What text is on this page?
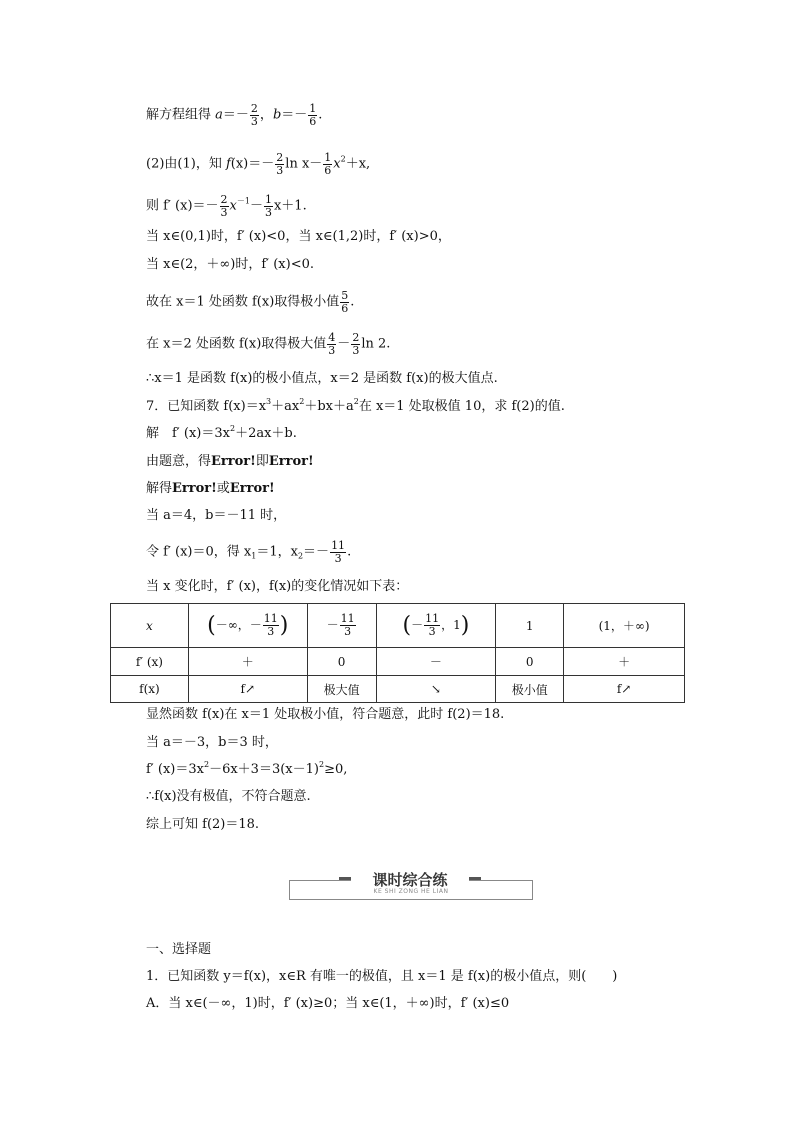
解方程组得 $a=- \frac{2}{3}$ ，$b=- \frac{1}{6}$ .
(2)由(1)，知 $f(x)=- \frac{2}{3}$ $\ln x- \frac{1}{6} x^2+x$,
则 f′ $(x)=- \frac{2}{3} x^{-1}- \frac{1}{3} x+1$.
当 x∈(0,1)时，f′ (x)<0，当 x∈(1,2)时，f′ (x)>0，
当 x∈(2，＋∞)时，f′ (x)<0.
故在 x＝1 处函数 f(x)取得极小值 $\frac{5}{6}$ .
在 x＝2 处函数 f(x)取得极大值 $\frac{4}{3} - \frac{2}{3}$ ln 2.
∴x＝1 是函数 f(x)的极小值点，x＝2 是函数 f(x)的极大值点.
7．已知函数 $f(x)=x^3+ax^2+bx+a^2$在 x＝1 处取极值 10，求 f(2)的值.
解　f′ $(x)=3x^2+2ax+b$.
由题意，得Error!即Error!
解得Error!或Error!
当 a＝4，b＝－11 时，
令 f′ (x)＝0，得 $x_1=1$，$x_2=- \frac{11}{3}$ .
当 x 变化时，f′ (x)，f(x)的变化情况如下表：
x	(－∞，－ $\frac{11}{3}$ )	－ $\frac{11}{3}$	(－ $\frac{11}{3}$ ，1)	1	(1，＋∞)
f′ (x)	＋	0	－	0	＋
f(x)	f↗	极大值	↘	极小值	f↗
显然函数 f(x)在 x＝1 处取极小值，符合题意，此时 f(2)＝18.
当 a＝－3，b＝3 时，
f′ $(x)=3x^2-6x+3=3(x-1)^2\ge 0$,
∴f(x)没有极值，不符合题意.
综上可知 f(2)＝18.
课时综合练
KE SHI ZONG HE LIAN
一、选择题
1．已知函数 y＝f(x)，x∈R 有唯一的极值，且 x＝1 是 f(x)的极小值点，则(　　)
A．当 x∈(－∞，1)时，f′ (x)≥0；当 x∈(1，＋∞)时，f′ (x)≤0
